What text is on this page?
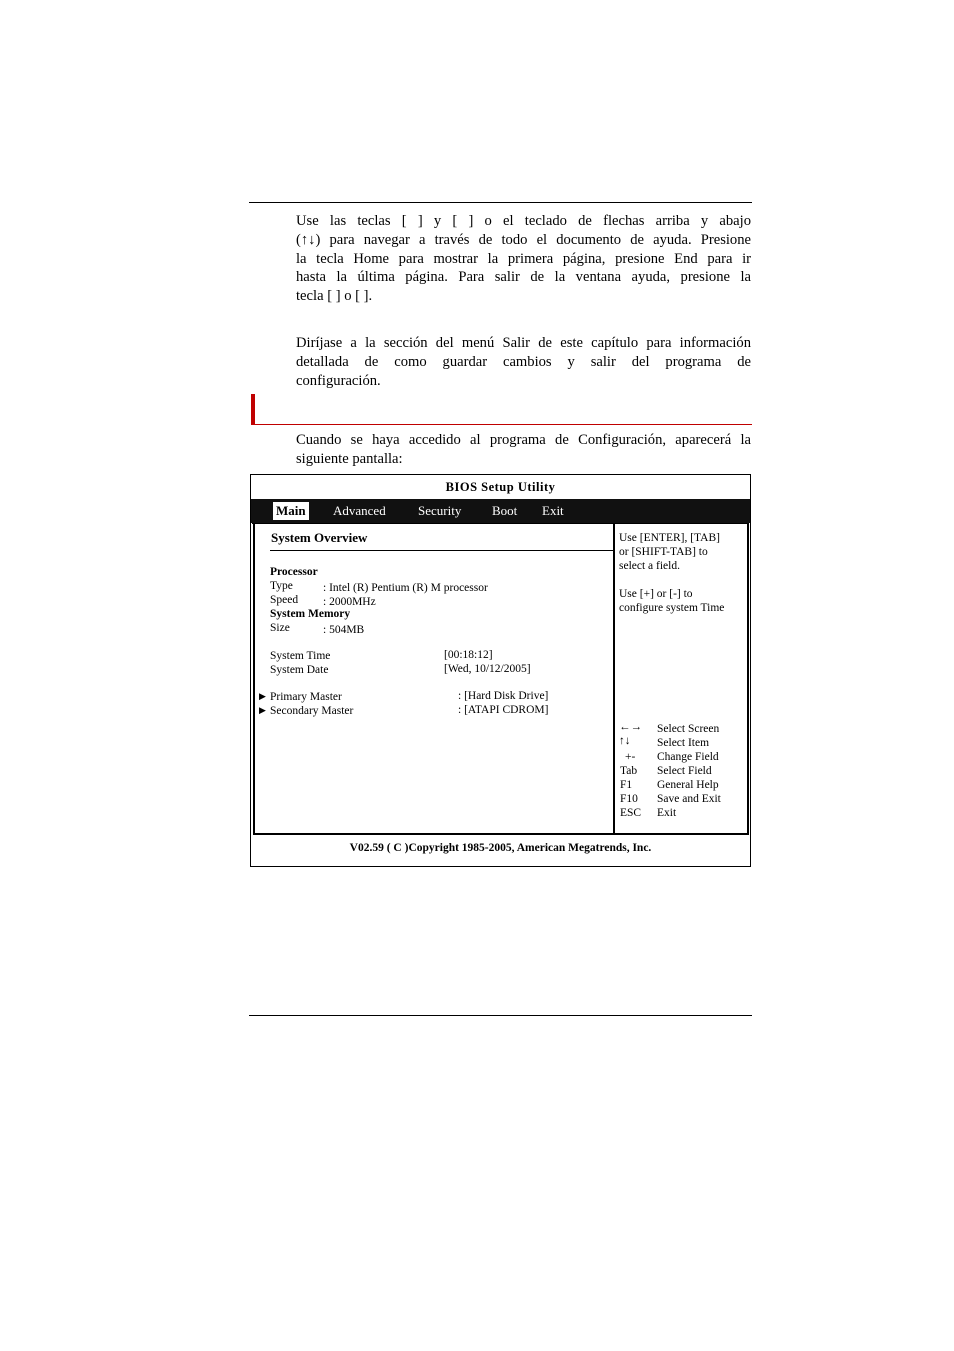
Use las teclas [ ] y [ ] o el teclado de flechas arriba y abajo
(↑↓) para navegar a través de todo el documento de ayuda. Presione
la tecla Home para mostrar la primera página, presione End para ir
hasta la última página. Para salir de la ventana ayuda, presione la
tecla [ ] o [ ].
Diríjase a la sección del menú Salir de este capítulo para información
detallada de como guardar cambios y salir del programa de
configuración.
Cuando se haya accedido al programa de Configuración, aparecerá la
siguiente pantalla:
BIOS Setup Utility
Main Advanced Security Boot Exit
System Overview
Processor
Type	: Intel (R) Pentium (R) M processor
Speed : 2000MHz
System Memory
Size	: 504MB
System Time	[00:18:12]
System Date	[Wed, 10/12/2005]
▶ Primary Master	: [Hard Disk Drive]
▶ Secondary Master	: [ATAPI CDROM]
Use [ENTER], [TAB]
or [SHIFT-TAB] to
select a field.
Use [+] or [-] to
configure system Time
←→ Select Screen
↑↓ Select Item
+- Change Field
Tab Select Field
F1 General Help
F10 Save and Exit
ESC Exit
V02.59 ( C )Copyright 1985-2005, American Megatrends, Inc.
